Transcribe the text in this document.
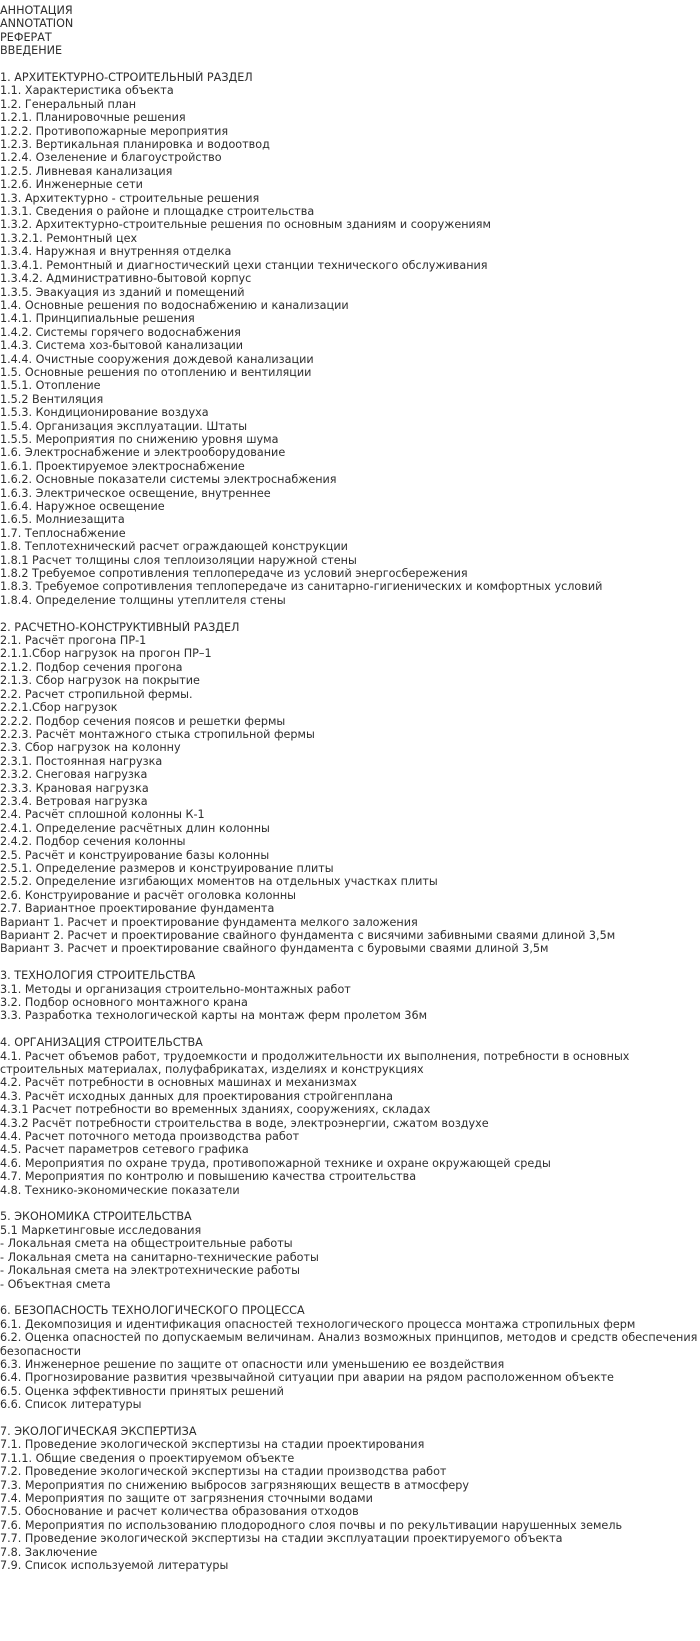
АННОТАЦИЯ
ANNOTATION
РЕФЕРАТ
ВВЕДЕНИЕ
1. АРХИТЕКТУРНО-СТРОИТЕЛЬНЫЙ РАЗДЕЛ
1.1. Характеристика объекта
1.2. Генеральный план
1.2.1. Планировочные решения
1.2.2. Противопожарные мероприятия
1.2.3. Вертикальная планировка и водоотвод
1.2.4. Озеленение и благоустройство
1.2.5. Ливневая канализация
1.2.6. Инженерные сети
1.3. Архитектурно - строительные решения
1.3.1. Сведения о районе и площадке строительства
1.3.2. Архитектурно-строительные решения по основным зданиям и сооружениям
1.3.2.1. Ремонтный цех
1.3.4. Наружная и внутренняя отделка
1.3.4.1. Ремонтный и диагностический цехи станции технического обслуживания
1.3.4.2. Административно-бытовой корпус
1.3.5. Эвакуация из зданий и помещений
1.4. Основные решения по водоснабжению и канализации
1.4.1. Принципиальные решения
1.4.2. Системы горячего водоснабжения
1.4.3. Система хоз-бытовой канализации
1.4.4. Очистные сооружения дождевой канализации
1.5. Основные решения по отоплению и вентиляции
1.5.1. Отопление
1.5.2 Вентиляция
1.5.3. Кондиционирование воздуха
1.5.4. Организация эксплуатации. Штаты
1.5.5. Мероприятия по снижению уровня шума
1.6. Электроснабжение и электрооборудование
1.6.1. Проектируемое электроснабжение
1.6.2. Основные показатели системы электроснабжения
1.6.3. Электрическое освещение, внутреннее
1.6.4. Наружное освещение
1.6.5. Молниезащита
1.7. Теплоснабжение
1.8. Теплотехнический расчет ограждающей конструкции
1.8.1 Расчет толщины слоя теплоизоляции наружной стены
1.8.2 Требуемое сопротивления теплопередаче из условий энергосбережения
1.8.3. Требуемое сопротивления теплопередаче из санитарно-гигиенических и комфортных условий
1.8.4. Определение толщины утеплителя стены
2. РАСЧЕТНО-КОНСТРУКТИВНЫЙ РАЗДЕЛ
2.1. Расчёт прогона ПР-1
2.1.1.Сбор нагрузок на прогон ПР–1
2.1.2. Подбор сечения прогона
2.1.3. Сбор нагрузок на покрытие
2.2. Расчет стропильной фермы.
2.2.1.Сбор нагрузок
2.2.2. Подбор сечения поясов и решетки фермы
2.2.3. Расчёт монтажного стыка стропильной фермы
2.3. Сбор нагрузок на колонну
2.3.1. Постоянная нагрузка
2.3.2. Снеговая нагрузка
2.3.3. Крановая нагрузка
2.3.4. Ветровая нагрузка
2.4. Расчёт сплошной колонны К-1
2.4.1. Определение расчётных длин колонны
2.4.2. Подбор сечения колонны
2.5. Расчёт и конструирование базы колонны
2.5.1. Определение размеров и конструирование плиты
2.5.2. Определение изгибающих моментов на отдельных участках плиты
2.6. Конструирование и расчёт оголовка колонны
2.7. Вариантное проектирование фундамента
Вариант 1. Расчет и проектирование фундамента мелкого заложения
Вариант 2. Расчет и проектирование свайного фундамента с висячими забивными сваями длиной 3,5м
Вариант 3. Расчет и проектирование свайного фундамента с буровыми сваями длиной 3,5м
3. ТЕХНОЛОГИЯ СТРОИТЕЛЬСТВА
3.1. Методы и организация строительно-монтажных работ
3.2. Подбор основного монтажного крана
3.3. Разработка технологической карты на монтаж ферм пролетом 36м
4. ОРГАНИЗАЦИЯ СТРОИТЕЛЬСТВА
4.1. Расчет объемов работ, трудоемкости и продолжительности их выполнения, потребности в основных строительных материалах, полуфабрикатах, изделиях и конструкциях
4.2. Расчёт потребности в основных машинах и механизмах
4.3. Расчёт исходных данных для проектирования стройгенплана
4.3.1 Расчет потребности во временных зданиях, сооружениях, складах
4.3.2 Расчёт потребности строительства в воде, электроэнергии, сжатом воздухе
4.4. Расчет поточного метода производства работ
4.5. Расчет параметров сетевого графика
4.6. Мероприятия по охране труда, противопожарной технике и охране окружающей среды
4.7. Мероприятия по контролю и повышению качества строительства
4.8. Технико-экономические показатели
5. ЭКОНОМИКА СТРОИТЕЛЬСТВА
5.1 Маркетинговые исследования
- Локальная смета на общестроительные работы
- Локальная смета на санитарно-технические работы
- Локальная смета на электротехнические работы
- Объектная смета
6. БЕЗОПАСНОСТЬ ТЕХНОЛОГИЧЕСКОГО ПРОЦЕССА
6.1. Декомпозиция и идентификация опасностей технологического процесса монтажа стропильных ферм
6.2. Оценка опасностей по допускаемым величинам. Анализ возможных принципов, методов и средств обеспечения безопасности
6.3. Инженерное решение по защите от опасности или уменьшению ее воздействия
6.4. Прогнозирование развития чрезвычайной ситуации при аварии на рядом расположенном объекте
6.5. Оценка эффективности принятых решений
6.6. Список литературы
7. ЭКОЛОГИЧЕСКАЯ ЭКСПЕРТИЗА
7.1. Проведение экологической экспертизы на стадии проектирования
7.1.1. Общие сведения о проектируемом объекте
7.2. Проведение экологической экспертизы на стадии производства работ
7.3. Мероприятия по снижению выбросов загрязняющих веществ в атмосферу
7.4. Мероприятия по защите от загрязнения сточными водами
7.5. Обоснование и расчет количества образования отходов
7.6. Мероприятия по использованию плодородного слоя почвы и по рекультивации нарушенных земель
7.7. Проведение экологической экспертизы на стадии эксплуатации проектируемого объекта
7.8. Заключение
7.9. Список используемой литературы
